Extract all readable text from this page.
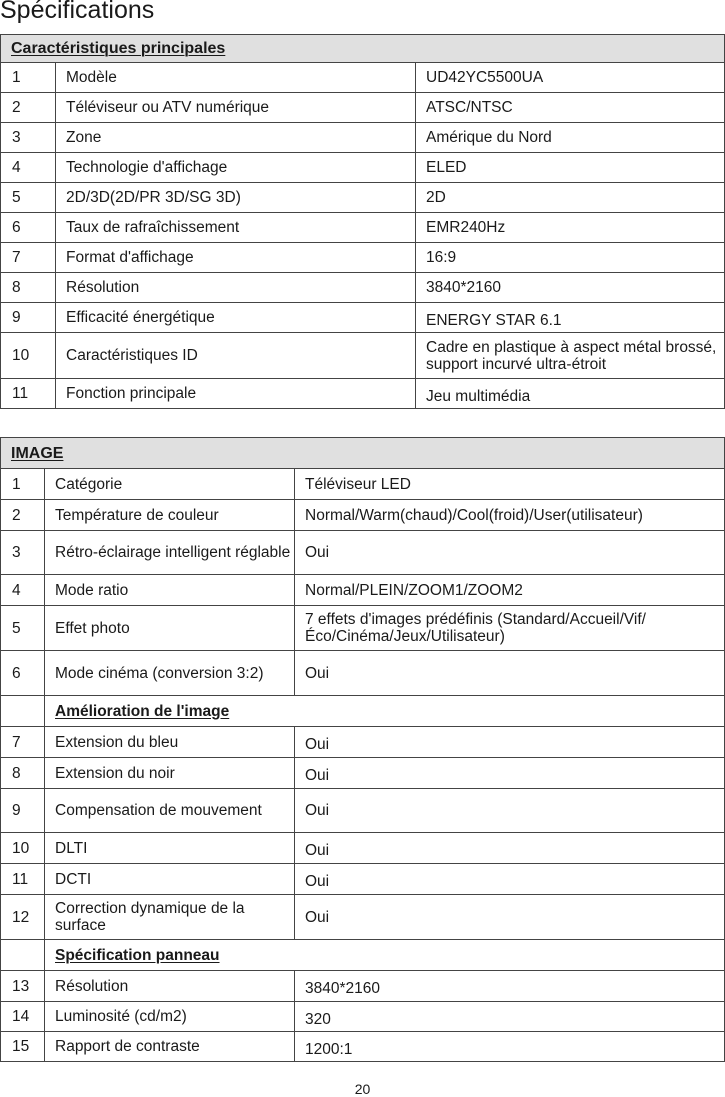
Spécifications
Caractéristiques principales		
1	Modèle	UD42YC5500UA
2	Téléviseur ou ATV numérique	ATSC/NTSC
3	Zone	Amérique du Nord
4	Technologie d'affichage	ELED
5	2D/3D(2D/PR 3D/SG 3D)	2D
6	Taux de rafraîchissement	EMR240Hz
7	Format d'affichage	16:9
8	Résolution	3840*2160
9	Efficacité énergétique	ENERGY STAR 6.1
10	Caractéristiques ID	Cadre en plastique à aspect métal brossé, support incurvé ultra-étroit
11	Fonction principale	Jeu multimédia
IMAGE		
1	Catégorie	Téléviseur LED
2	Température de couleur	Normal/Warm(chaud)/Cool(froid)/User(utilisateur)
3	Rétro-éclairage intelligent réglable	Oui
4	Mode ratio	Normal/PLEIN/ZOOM1/ZOOM2
5	Effet photo	7 effets d'images prédéfinis (Standard/Accueil/Vif/Éco/Cinéma/Jeux/Utilisateur)
6	Mode cinéma (conversion 3:2)	Oui
	Amélioration de l'image	
7	Extension du bleu	Oui
8	Extension du noir	Oui
9	Compensation de mouvement	Oui
10	DLTI	Oui
11	DCTI	Oui
12	Correction dynamique de la surface	Oui
	Spécification panneau	
13	Résolution	3840*2160
14	Luminosité (cd/m2)	320
15	Rapport de contraste	1200:1
20
